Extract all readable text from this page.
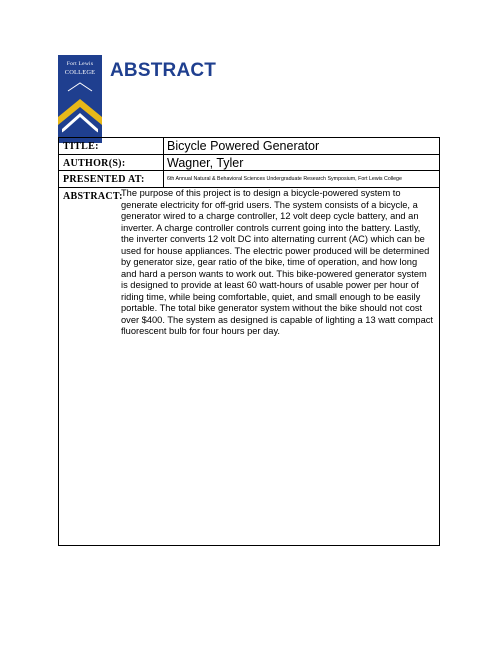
Fort Lewis
COLLEGE ABSTRACT
TITLE:	Bicycle Powered Generator
AUTHOR(S):	Wagner, Tyler
PRESENTED AT:	6th Annual Natural & Behavioral Sciences Undergraduate Research Symposium, Fort Lewis College
ABSTRACT:
The purpose of this project is to design a bicycle-powered system to generate electricity for off-grid users. The system consists of a bicycle, a generator wired to a charge controller, 12 volt deep cycle battery, and an inverter. A charge controller controls current going into the battery. Lastly, the inverter converts 12 volt DC into alternating current (AC) which can be used for house appliances. The electric power produced will be determined by generator size, gear ratio of the bike, time of operation, and how long and hard a person wants to work out. This bike-powered generator system is designed to provide at least 60 watt-hours of usable power per hour of riding time, while being comfortable, quiet, and small enough to be easily portable. The total bike generator system without the bike should not cost over $400. The system as designed is capable of lighting a 13 watt compact fluorescent bulb for four hours per day.
